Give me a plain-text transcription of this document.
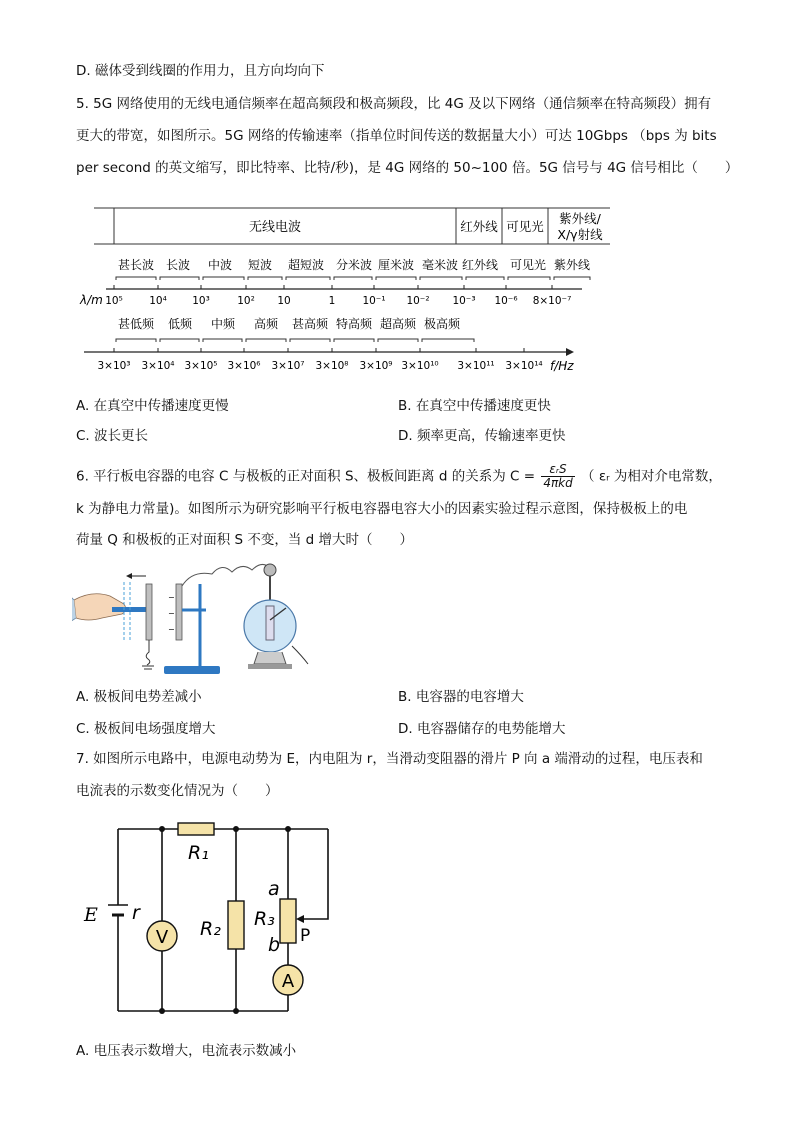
D. 磁体受到线圈的作用力，且方向均向下
5. 5G 网络使用的无线电通信频率在超高频段和极高频段，比 4G 及以下网络（通信频率在特高频段）拥有
更大的带宽，如图所示。5G 网络的传输速率（指单位时间传送的数据量大小）可达 10Gbps （bps 为 bits
per second 的英文缩写，即比特率、比特/秒)，是 4G 网络的 50~100 倍。5G 信号与 4G 信号相比（　　）
无线电波	红外线 可见光
紫外线/
X/γ射线
甚长波 长波 中波 短波 超短波 分米波 厘米波 毫米波 红外线 可见光 紫外线
λ/m 10⁵	10⁴ 10³	10² 10	1	10⁻¹ 10⁻² 10⁻³ 10⁻⁶ 8×10⁻⁷
甚低频 低频 中频 高频 甚高频 特高频 超高频 极高频
f/Hz
3×10³ 3×10⁴ 3×10⁵ 3×10⁶ 3×10⁷ 3×10⁸ 3×10⁹ 3×10¹⁰ 3×10¹¹ 3×10¹⁴
A. 在真空中传播速度更慢	B. 在真空中传播速度更快
C. 波长更长	D. 频率更高，传输速率更快
6. 平行板电容器的电容 C 与极板的正对面积 S、极板间距离 d 的关系为 $C = \frac{\text{εᵣS}}{\text{4πkd}}$ （ εᵣ 为相对介电常数，
k 为静电力常量)。如图所示为研究影响平行板电容器电容大小的因素实验过程示意图，保持极板上的电
荷量 Q 和极板的正对面积 S 不变，当 d 增大时（　　）
−
−
−
A. 极板间电势差减小	B. 电容器的电容增大
C. 极板间电场强度增大	D. 电容器储存的电势能增大
7. 如图所示电路中，电源电动势为 E，内电阻为 r，当滑动变阻器的滑片 P 向 a 端滑动的过程，电压表和
电流表的示数变化情况为（　　）
E r
R₁
V R₂ R₃
a
b P
A
A. 电压表示数增大，电流表示数减小
